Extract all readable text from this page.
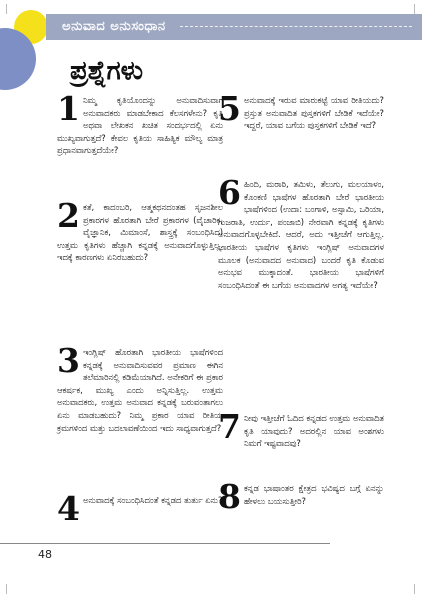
ಅನುವಾದ ಅನುಸಂಧಾನ
ಪ್ರಶ್ನೆಗಳು
1 ನಿಮ್ಮ ಕೃತಿಯೊಂದನ್ನು ಅನುವಾದಿಸುವಾಗ ಅನುವಾದಕರು ಮಾಡಬೇಕಾದ ಕೆಲಸಗಳೇನು? ಕೃತಿ ಅಥವಾ ಲೇಖಕನ ಖಚಿತ ಸಂದರ್ಭದಲ್ಲಿ ಏನು ಮುಖ್ಯವಾಗುತ್ತದೆ? ಕೇವಲ ಕೃತಿಯ ಸಾಹಿತ್ಯಿಕ ಮೌಲ್ಯ ಮಾತ್ರ ಪ್ರಧಾನವಾಗುತ್ತದೆಯೇ?
2 ಕತೆ, ಕಾದಂಬರಿ, ಆತ್ಮಕಥನದಂತಹ ಸೃಜನಶೀಲ ಪ್ರಕಾರಗಳ ಹೊರತಾಗಿ ಬೇರೆ ಪ್ರಕಾರಗಳ (ವೈಚಾರಿಕ, ವೈಜ್ಞಾನಿಕ, ಮಿಮಾಂಸೆ, ಶಾಸ್ತ್ರಕ್ಕೆ ಸಂಬಂಧಿಸಿದ) ಉತ್ತಮ ಕೃತಿಗಳು ಹೆಚ್ಚಾಗಿ ಕನ್ನಡಕ್ಕೆ ಅನುವಾದಗೊಳ್ಳುತ್ತಿಲ್ಲ. ಇದಕ್ಕೆ ಕಾರಣಗಳು ಏನಿರಬಹುದು?
3 ಇಂಗ್ಲಿಷ್ ಹೊರತಾಗಿ ಭಾರತೀಯ ಭಾಷೆಗಳಿಂದ ಕನ್ನಡಕ್ಕೆ ಅನುವಾದಿಸುವವರ ಪ್ರಮಾಣ ಈಗಿನ ತಲೆಮಾರಿನಲ್ಲಿ ಕಡಿಮೆಯಾಗಿದೆ. ಅನೇಕರಿಗೆ ಈ ಪ್ರಕಾರ ಆಕರ್ಷಕ, ಮುಖ್ಯ ಎಂದು ಅನ್ನಿಸುತ್ತಿಲ್ಲ. ಉತ್ತಮ ಅನುವಾದಕರು, ಉತ್ತಮ ಅನುವಾದ ಕನ್ನಡಕ್ಕೆ ಬರುವಂತಾಗಲು ಏನು ಮಾಡಬಹುದು? ನಿಮ್ಮ ಪ್ರಕಾರ ಯಾವ ರೀತಿಯ ಕ್ರಮಗಳಿಂದ ಮತ್ತು ಬದಲಾವಣೆಯಿಂದ ಇದು ಸಾಧ್ಯವಾಗುತ್ತದೆ?
4 ಅನುವಾದಕ್ಕೆ ಸಂಬಂಧಿಸಿದಂತೆ ಕನ್ನಡದ ತುರ್ತು ಏನು?
5 ಅನುವಾದಕ್ಕೆ ಇರುವ ಮಾರುಕಟ್ಟೆ ಯಾವ ರೀತಿಯದು? ಪ್ರಸ್ತುತ ಅನುವಾದಿತ ಪುಸ್ತಕಗಳಿಗೆ ಬೇಡಿಕೆ ಇದೆಯೇ? ಇದ್ದರೆ, ಯಾವ ಬಗೆಯ ಪುಸ್ತಕಗಳಿಗೆ ಬೇಡಿಕೆ ಇದೆ?
6 ಹಿಂದಿ, ಮರಾಠಿ, ತಮಿಳು, ತೆಲುಗು, ಮಲಯಾಳಂ, ಕೊಂಕಣಿ ಭಾಷೆಗಳ ಹೊರತಾಗಿ ಬೇರೆ ಭಾರತೀಯ ಭಾಷೆಗಳಿಂದ (ಉದಾ: ಬಂಗಾಳಿ, ಅಸ್ಸಾಮಿ, ಒರಿಯಾ, ಗುಜರಾತಿ, ಉರ್ದು, ಪಂಜಾಬಿ) ನೇರವಾಗಿ ಕನ್ನಡಕ್ಕೆ ಕೃತಿಗಳು ಅನುವಾದಗೊಳ್ಳಬೇಕಿದೆ. ಆದರೆ, ಅದು ಇತ್ತೀಚೆಗೆ ಆಗುತ್ತಿಲ್ಲ. ಭಾರತೀಯ ಭಾಷೆಗಳ ಕೃತಿಗಳು ಇಂಗ್ಲಿಷ್ ಅನುವಾದಗಳ ಮೂಲಕ (ಅನುವಾದದ ಅನುವಾದ) ಬಂದರೆ ಕೃತಿ ಕೊಡುವ ಅನುಭವ ಮುಕ್ಕಾದಂತೆ. ಭಾರತೀಯ ಭಾಷೆಗಳಿಗೆ ಸಂಬಂಧಿಸಿದಂತೆ ಈ ಬಗೆಯ ಅನುವಾದಗಳ ಅಗತ್ಯ ಇದೆಯೇ?
7 ನೀವು ಇತ್ತೀಚೆಗೆ ಓದಿದ ಕನ್ನಡದ ಉತ್ತಮ ಅನುವಾದಿತ ಕೃತಿ ಯಾವುದು? ಅದರಲ್ಲಿನ ಯಾವ ಅಂಶಗಳು ನಿಮಗೆ ಇಷ್ಟವಾದವು?
8 ಕನ್ನಡ ಭಾಷಾಂತರ ಕ್ಷೇತ್ರದ ಭವಿಷ್ಯದ ಬಗ್ಗೆ ಏನನ್ನು ಹೇಳಲು ಬಯಸುತ್ತೀರಿ?
48
